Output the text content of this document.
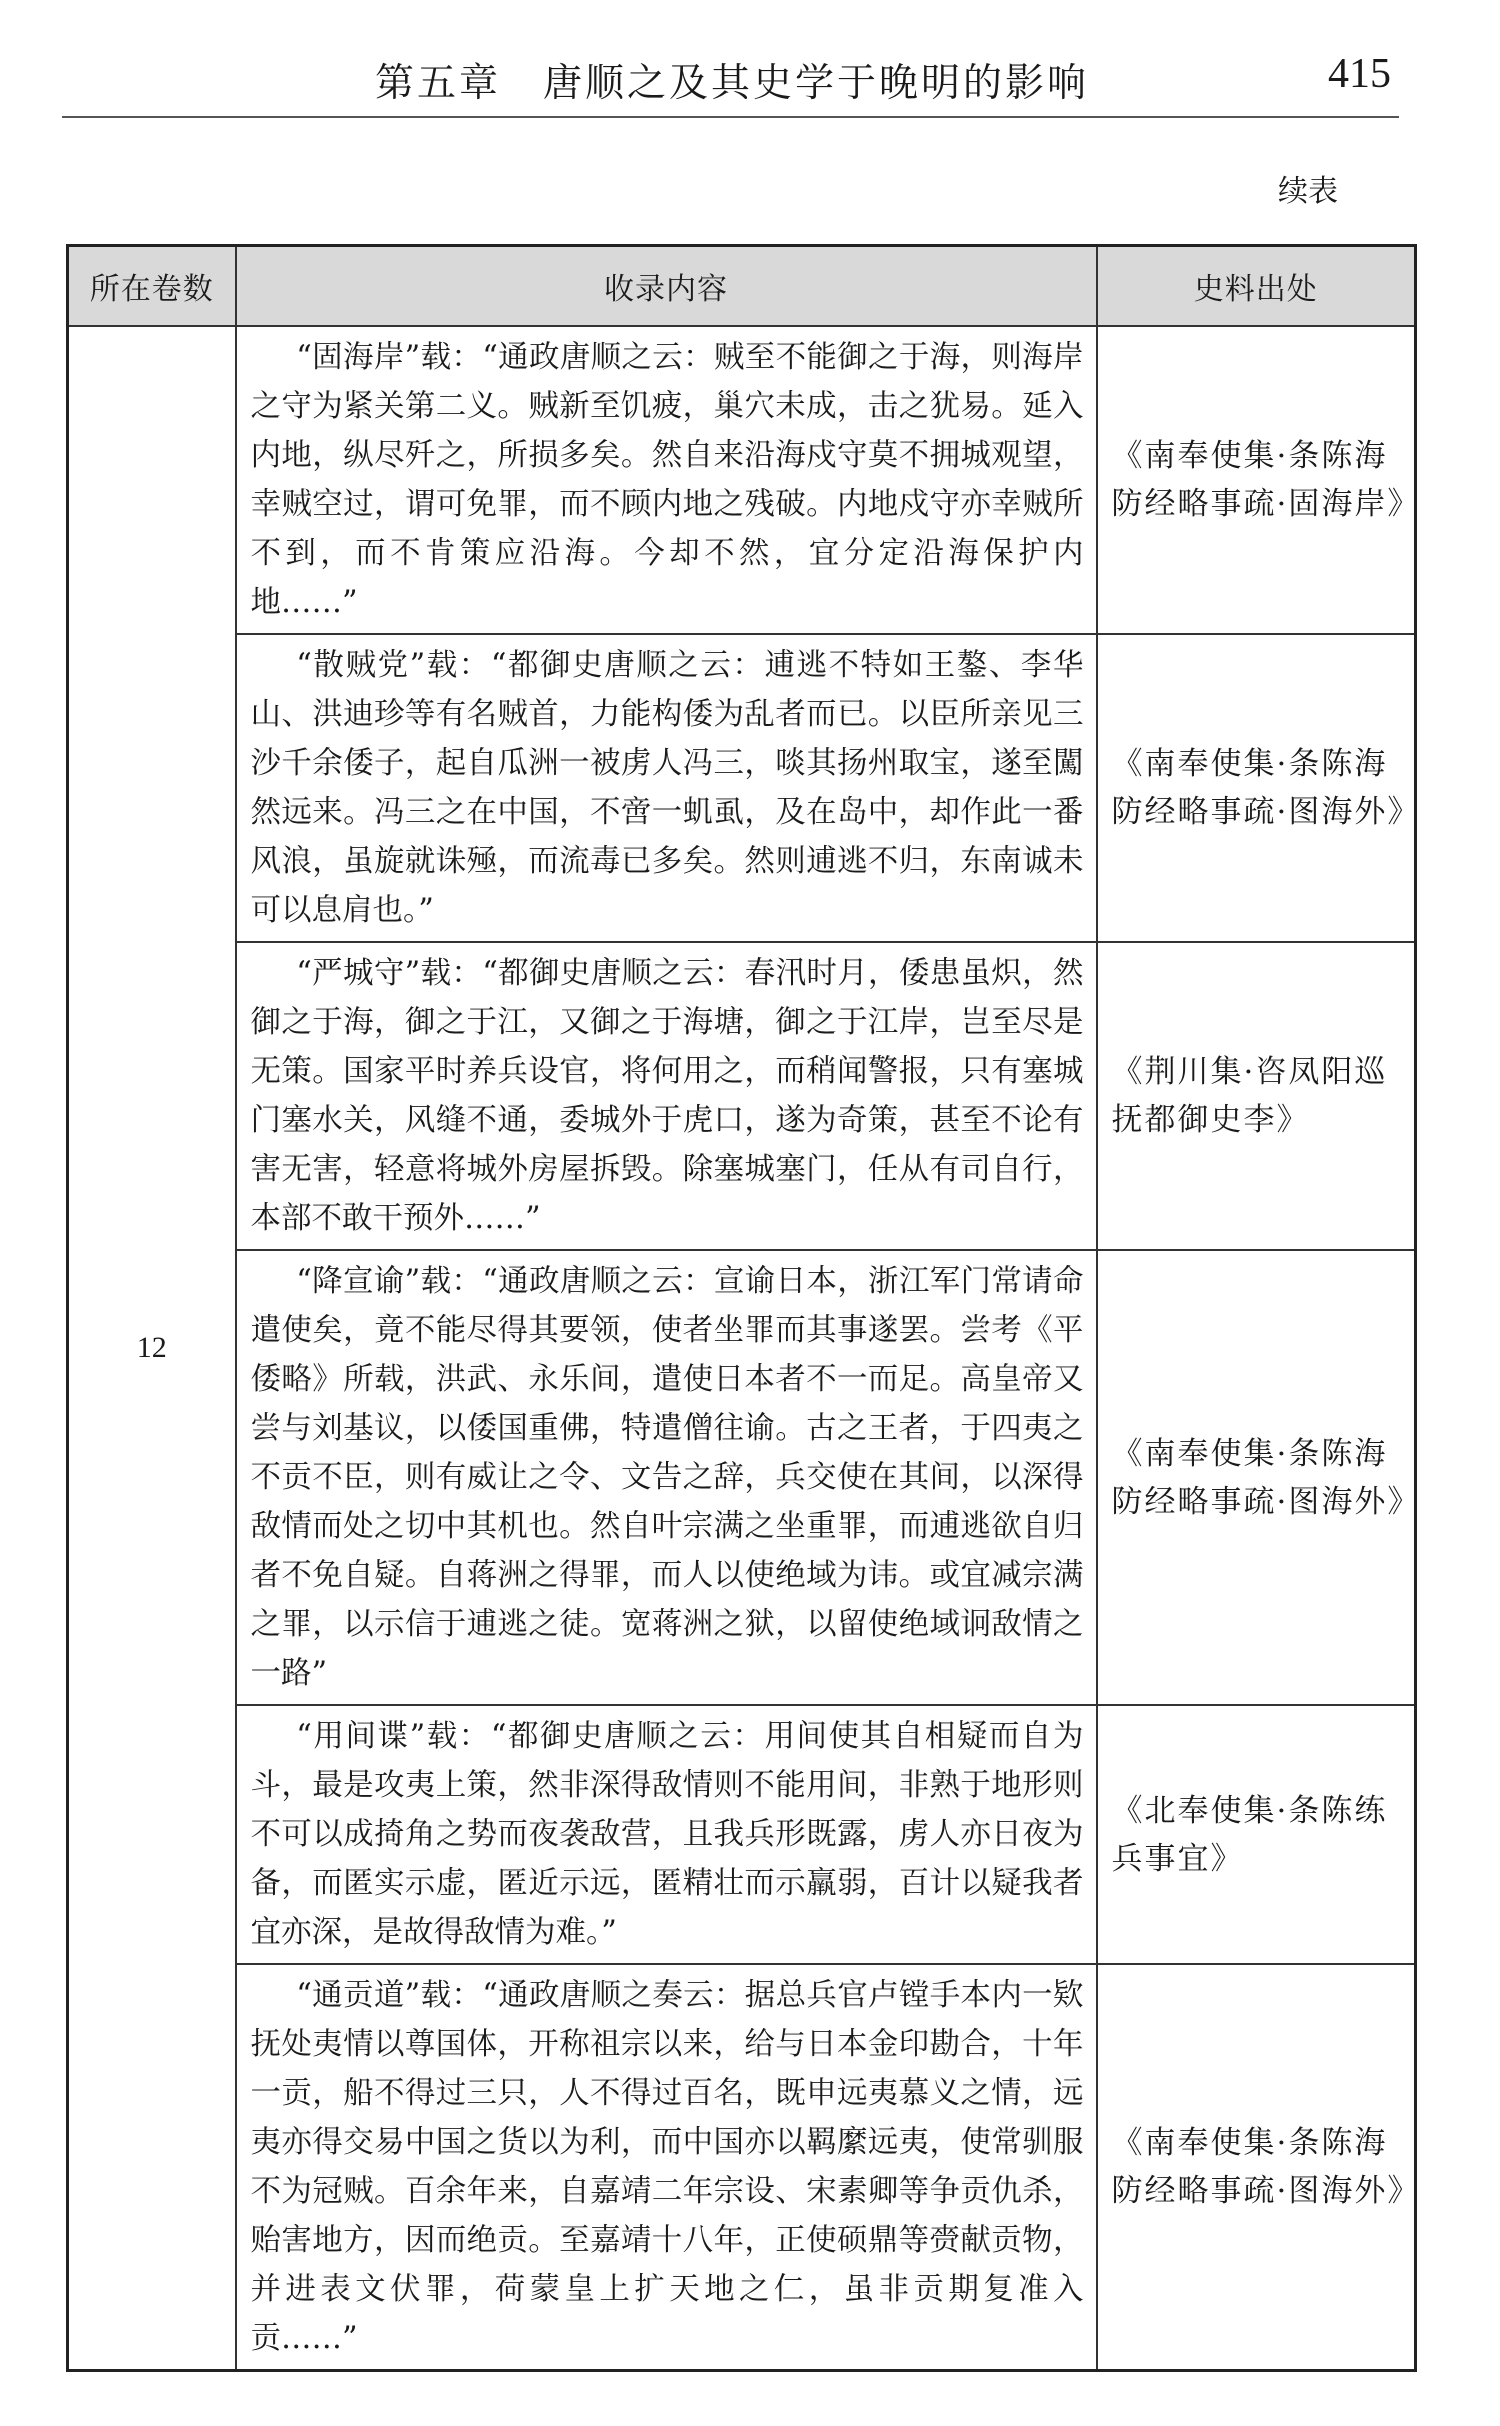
第五章　唐顺之及其史学于晚明的影响	415
续表
所在卷数	收录内容	史料出处
12	“固海岸”载：“通政唐顺之云：贼至不能御之于海，则海岸之守为紧关第二义。贼新至饥疲，巢穴未成，击之犹易。延入内地，纵尽歼之，所损多矣。然自来沿海戍守莫不拥城观望，幸贼空过，谓可免罪，而不顾内地之残破。内地戍守亦幸贼所不到，而不肯策应沿海。今却不然，宜分定沿海保护内地……”	《南奉使集·条陈海防经略事疏·固海岸》
	“散贼党”载：“都御史唐顺之云：逋逃不特如王鏊、李华山、洪迪珍等有名贼首，力能构倭为乱者而已。以臣所亲见三沙千余倭子，起自瓜洲一被虏人冯三，啖其扬州取宝，遂至闖然远来。冯三之在中国，不啻一虮虱，及在岛中，却作此一番风浪，虽旋就诛殛，而流毒已多矣。然则逋逃不归，东南诚未可以息肩也。”	《南奉使集·条陈海防经略事疏·图海外》
	“严城守”载：“都御史唐顺之云：春汛时月，倭患虽炽，然御之于海，御之于江，又御之于海塘，御之于江岸，岂至尽是无策。国家平时养兵设官，将何用之，而稍闻警报，只有塞城门塞水关，风缝不通，委城外于虎口，遂为奇策，甚至不论有害无害，轻意将城外房屋拆毁。除塞城塞门，任从有司自行，本部不敢干预外……”	《荆川集·咨凤阳巡抚都御史李》
	“降宣谕”载：“通政唐顺之云：宣谕日本，浙江军门常请命遣使矣，竟不能尽得其要领，使者坐罪而其事遂罢。尝考《平倭略》所载，洪武、永乐间，遣使日本者不一而足。高皇帝又尝与刘基议，以倭国重佛，特遣僧往谕。古之王者，于四夷之不贡不臣，则有威让之令、文告之辞，兵交使在其间，以深得敌情而处之切中其机也。然自叶宗满之坐重罪，而逋逃欲自归者不免自疑。自蒋洲之得罪，而人以使绝域为讳。或宜减宗满之罪，以示信于逋逃之徒。宽蒋洲之狱，以留使绝域诇敌情之一路”	《南奉使集·条陈海防经略事疏·图海外》
	“用间谍”载：“都御史唐顺之云：用间使其自相疑而自为斗，最是攻夷上策，然非深得敌情则不能用间，非熟于地形则不可以成掎角之势而夜袭敌营，且我兵形既露，虏人亦日夜为备，而匿实示虚，匿近示远，匿精壮而示羸弱，百计以疑我者宜亦深，是故得敌情为难。”	《北奉使集·条陈练兵事宜》
	“通贡道”载：“通政唐顺之奏云：据总兵官卢镗手本内一欵抚处夷情以尊国体，开称祖宗以来，给与日本金印勘合，十年一贡，船不得过三只，人不得过百名，既申远夷慕义之情，远夷亦得交易中国之货以为利，而中国亦以羁縻远夷，使常驯服不为冠贼。百余年来，自嘉靖二年宗设、宋素卿等争贡仇杀，贻害地方，因而绝贡。至嘉靖十八年，正使硕鼎等赍献贡物，并进表文伏罪，荷蒙皇上扩天地之仁，虽非贡期复准入贡……”	《南奉使集·条陈海防经略事疏·图海外》
